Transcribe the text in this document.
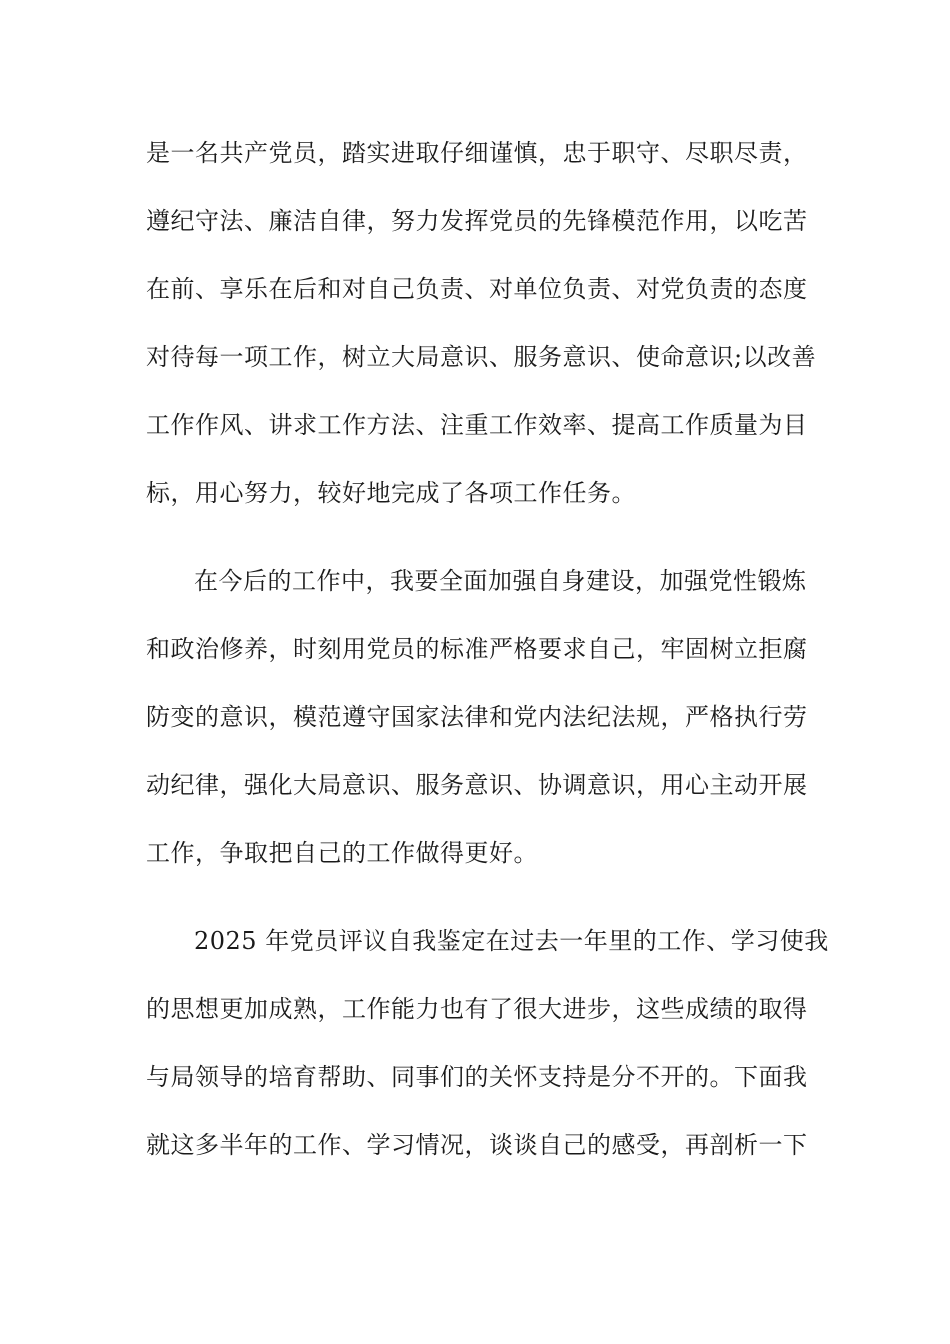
是一名共产党员，踏实进取仔细谨慎，忠于职守、尽职尽责，
遵纪守法、廉洁自律，努力发挥党员的先锋模范作用，以吃苦
在前、享乐在后和对自己负责、对单位负责、对党负责的态度
对待每一项工作，树立大局意识、服务意识、使命意识;以改善
工作作风、讲求工作方法、注重工作效率、提高工作质量为目
标，用心努力，较好地完成了各项工作任务。
在今后的工作中，我要全面加强自身建设，加强党性锻炼
和政治修养，时刻用党员的标准严格要求自己，牢固树立拒腐
防变的意识，模范遵守国家法律和党内法纪法规，严格执行劳
动纪律，强化大局意识、服务意识、协调意识，用心主动开展
工作，争取把自己的工作做得更好。
2025 年党员评议自我鉴定在过去一年里的工作、学习使我
的思想更加成熟，工作能力也有了很大进步，这些成绩的取得
与局领导的培育帮助、同事们的关怀支持是分不开的。下面我
就这多半年的工作、学习情况，谈谈自己的感受，再剖析一下
